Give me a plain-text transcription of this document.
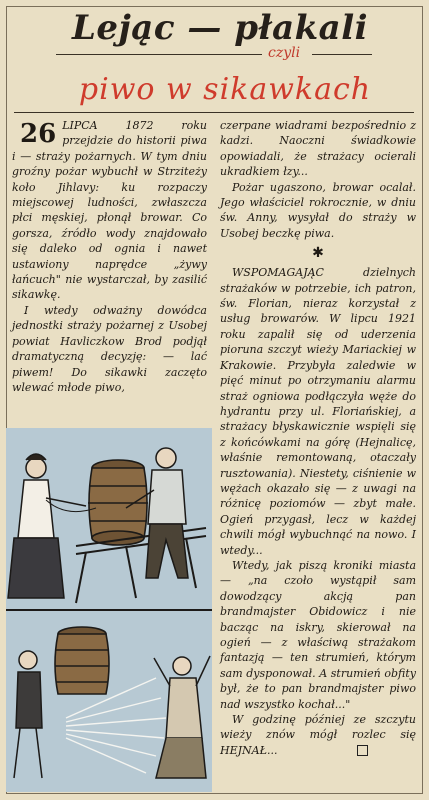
Lejąc — płakali
czyli
piwo w sikawkach

26 LIPCA 1872 roku przejdzie do historii piwa i — straży pożarnych. W tym dniu groźny pożar wybuchł w Strziteży koło Jihlavy: ku rozpaczy miejscowej ludności, zwłaszcza płci męskiej, płonął browar. Co gorsza, źródło wody znajdowało się daleko od ognia i nawet ustawiony naprędce „żywy łańcuch" nie wystarczał, by zasilić sikawkę.

I wtedy odważny dowódca jednostki straży pożarnej z Usobej powiat Havliczkow Brod podjął dramatyczną decyzję: — lać piwem! Do sikawki zaczęto wlewać młode piwo,

czerpane wiadrami bezpośrednio z kadzi. Naoczni świadkowie opowiadali, że strażacy ocierali ukradkiem łzy...

Pożar ugaszono, browar ocalał. Jego właściciel rokrocznie, w dniu św. Anny, wysyłał do straży w Usobej beczkę piwa.

✱

WSPOMAGAJĄC dzielnych strażaków w potrzebie, ich patron, św. Florian, nieraz korzystał z usług browarów. W lipcu 1921 roku zapalił się od uderzenia pioruna szczyt wieży Mariackiej w Krakowie. Przybyła zaledwie w pięć minut po otrzymaniu alarmu straż ogniowa podłączyła węże do hydrantu przy ul. Floriańskiej, a strażacy błyskawicznie wspięli się z końcówkami na górę (Hejnalicę, właśnie remontowaną, otaczały rusztowania). Niestety, ciśnienie w wężach okazało się — z uwagi na różnicę poziomów — zbyt małe. Ogień przygasł, lecz w każdej chwili mógł wybuchnąć na nowo. I wtedy...

Wtedy, jak piszą kroniki miasta — „na czoło wystąpił sam dowodzący akcją pan brandmajster Obidowicz i nie bacząc na iskry, skierował na ogień — z właściwą strażakom fantazją — ten strumień, którym sam dysponował. A strumień obfity był, że to pan brandmajster piwo nad wszystko kochał..."

W godzinę później ze szczytu wieży znów mógł rozlec się HEJNAŁ...
